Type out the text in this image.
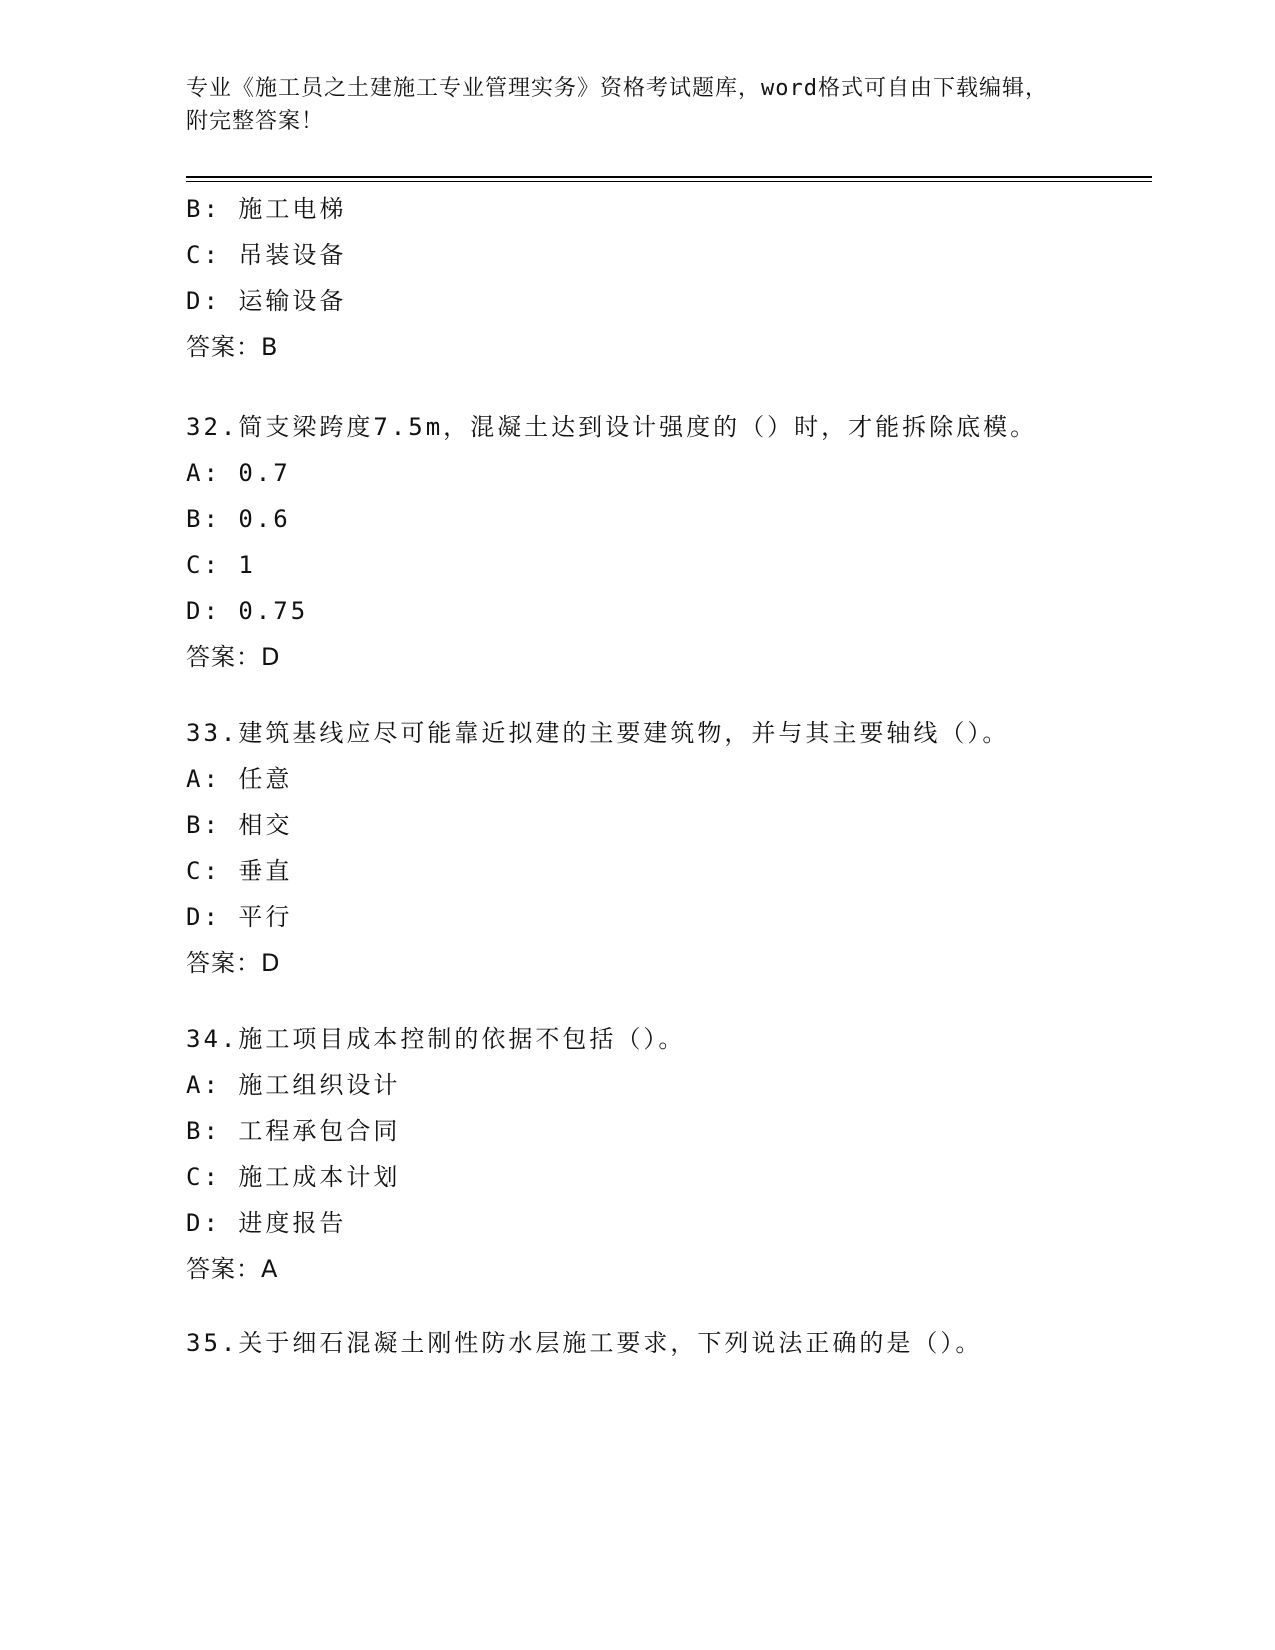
专业《施工员之土建施工专业管理实务》资格考试题库，word格式可自由下载编辑，附完整答案！
B: 施工电梯
C: 吊装设备
D: 运输设备
答案：B
32.简支梁跨度7.5m，混凝土达到设计强度的（）时，才能拆除底模。
A: 0.7
B: 0.6
C: 1
D: 0.75
答案：D
33.建筑基线应尽可能靠近拟建的主要建筑物，并与其主要轴线（）。
A: 任意
B: 相交
C: 垂直
D: 平行
答案：D
34.施工项目成本控制的依据不包括（）。
A: 施工组织设计
B: 工程承包合同
C: 施工成本计划
D: 进度报告
答案：A
35.关于细石混凝土刚性防水层施工要求，下列说法正确的是（）。
